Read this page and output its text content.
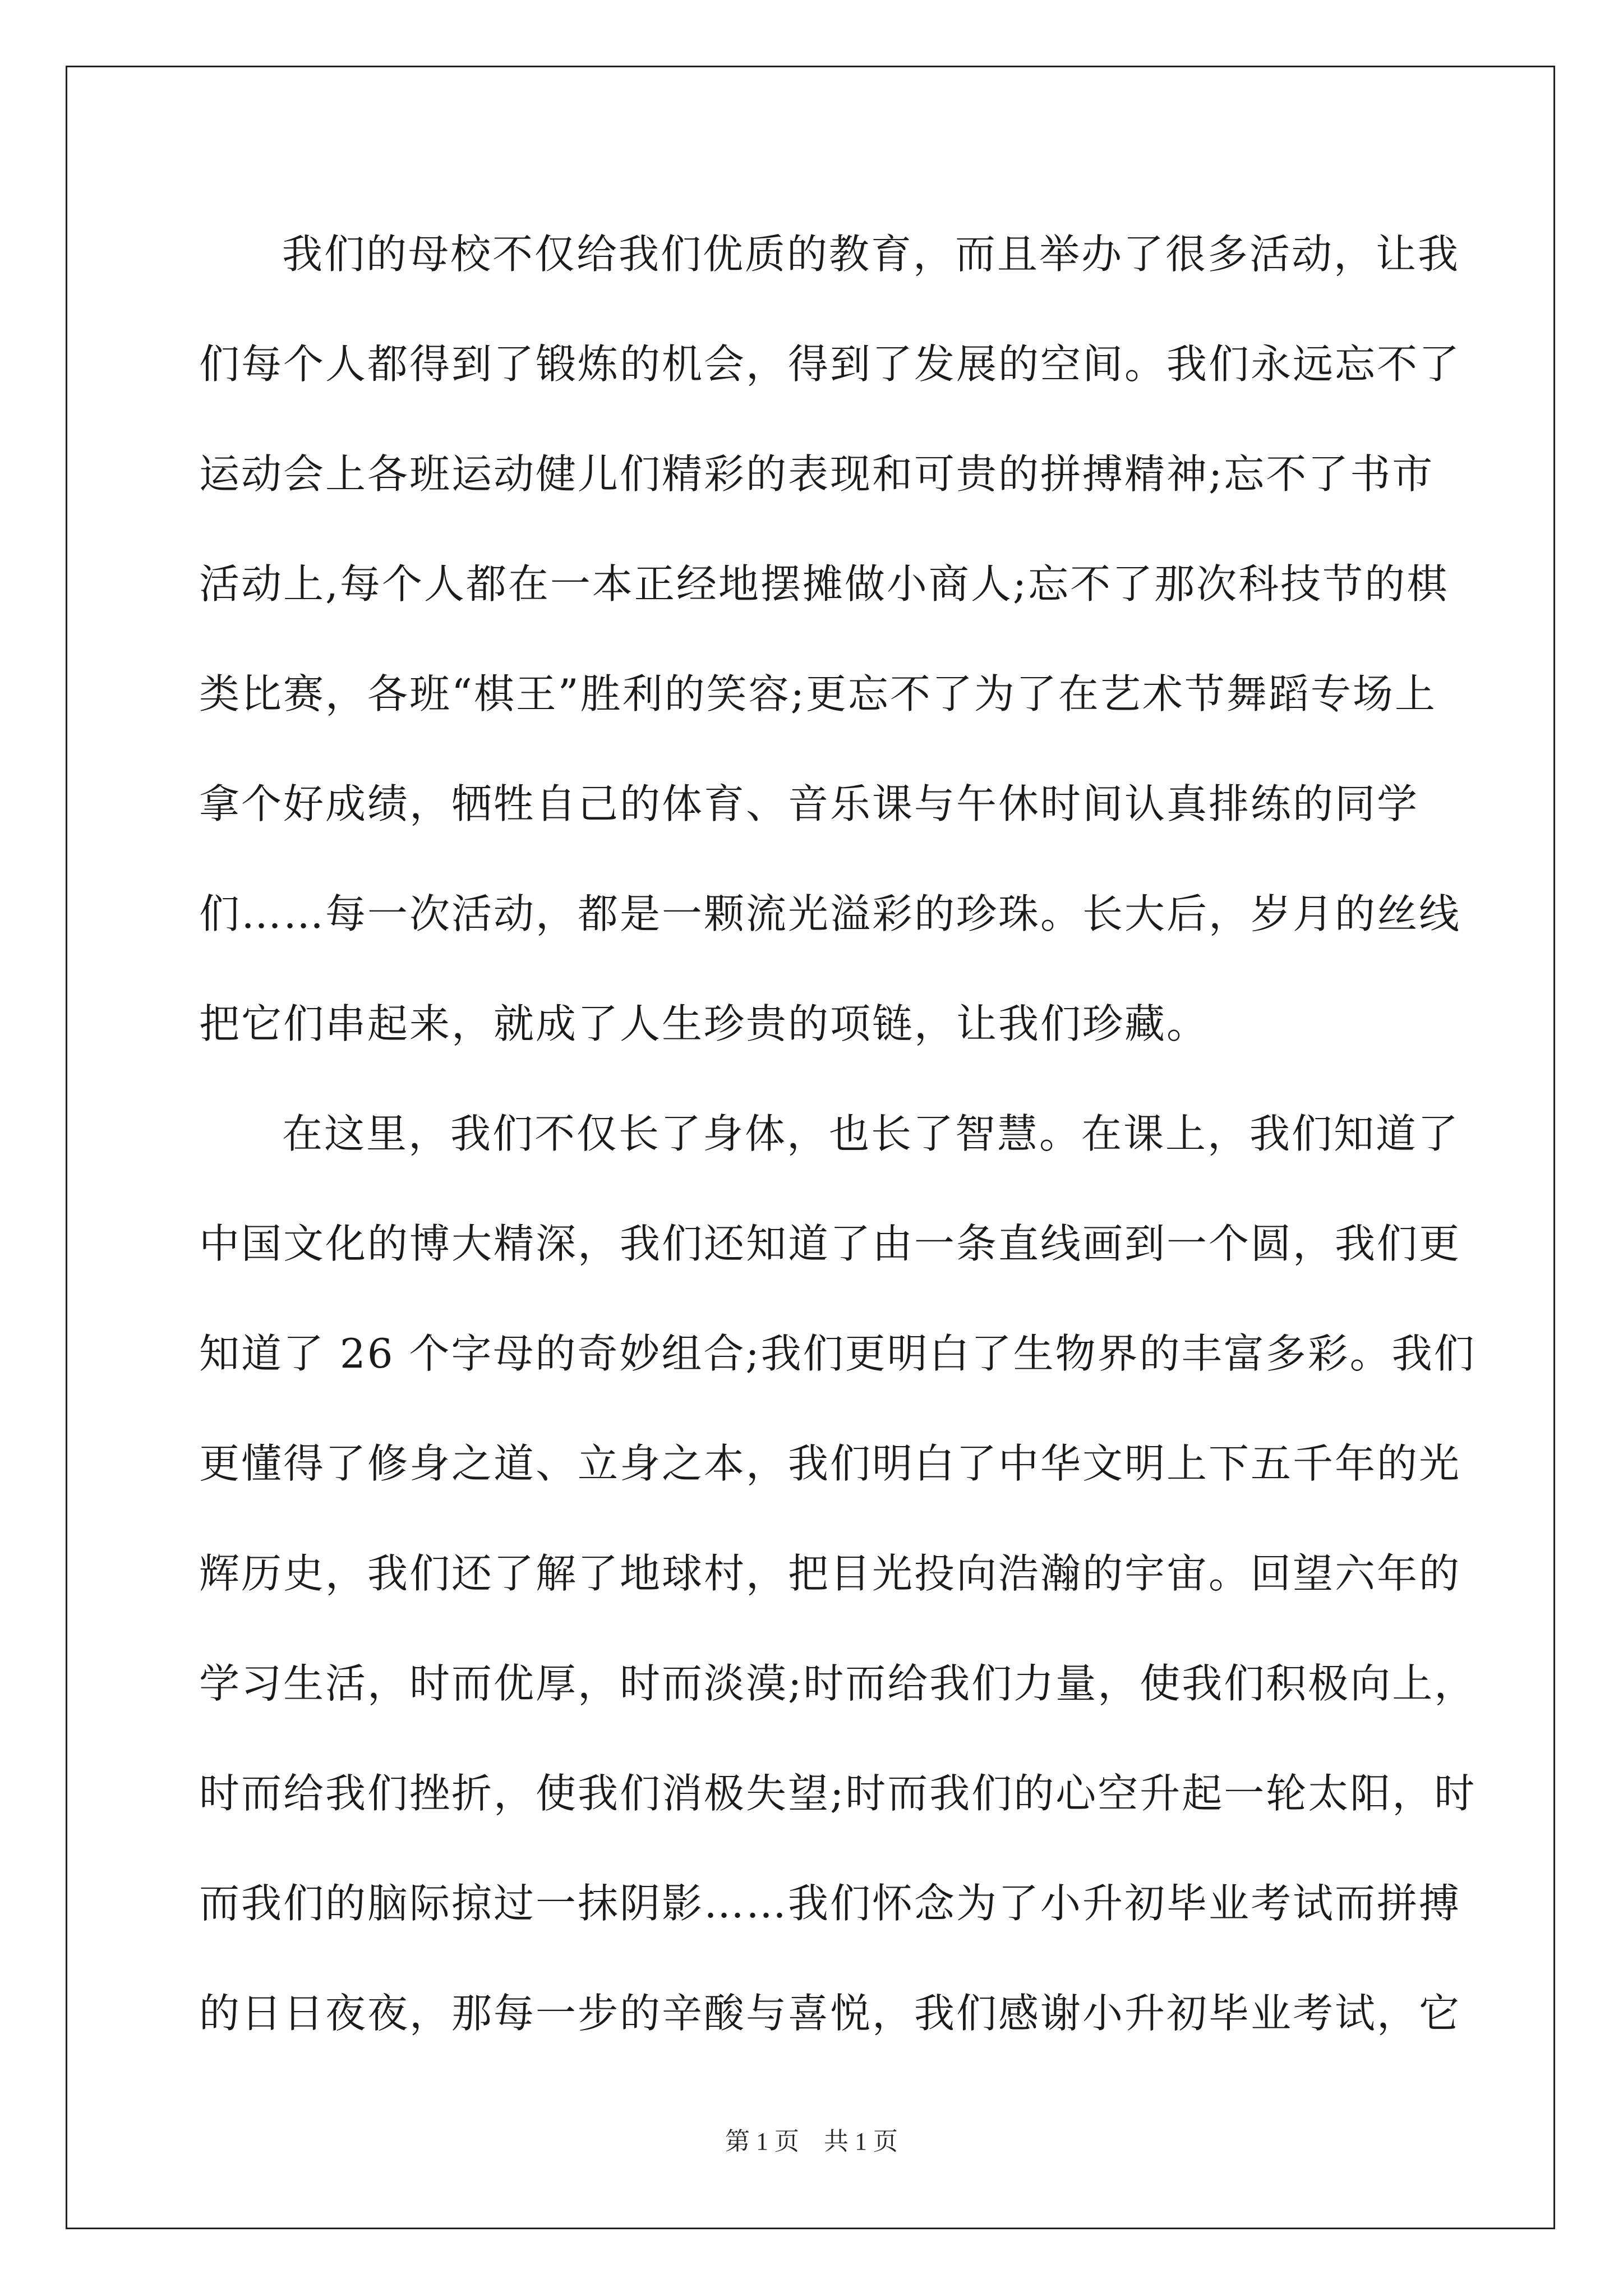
我们的母校不仅给我们优质的教育，而且举办了很多活动，让我
们每个人都得到了锻炼的机会，得到了发展的空间。我们永远忘不了
运动会上各班运动健儿们精彩的表现和可贵的拼搏精神;忘不了书市
活动上,每个人都在一本正经地摆摊做小商人;忘不了那次科技节的棋
类比赛，各班“棋王”胜利的笑容;更忘不了为了在艺术节舞蹈专场上
拿个好成绩，牺牲自己的体育、音乐课与午休时间认真排练的同学
们……每一次活动，都是一颗流光溢彩的珍珠。长大后，岁月的丝线
把它们串起来，就成了人生珍贵的项链，让我们珍藏。

在这里，我们不仅长了身体，也长了智慧。在课上，我们知道了
中国文化的博大精深，我们还知道了由一条直线画到一个圆，我们更
知道了 26 个字母的奇妙组合;我们更明白了生物界的丰富多彩。我们
更懂得了修身之道、立身之本，我们明白了中华文明上下五千年的光
辉历史，我们还了解了地球村，把目光投向浩瀚的宇宙。回望六年的
学习生活，时而优厚，时而淡漠;时而给我们力量，使我们积极向上，
时而给我们挫折，使我们消极失望;时而我们的心空升起一轮太阳，时
而我们的脑际掠过一抹阴影……我们怀念为了小升初毕业考试而拼搏
的日日夜夜，那每一步的辛酸与喜悦，我们感谢小升初毕业考试，它

第 1 页　共 1 页
